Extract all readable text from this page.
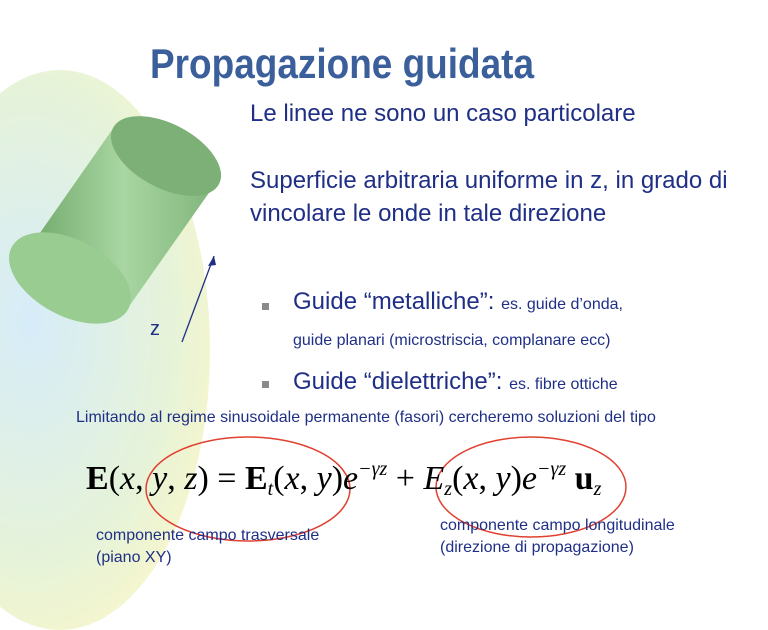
Propagazione guidata
Le linee ne sono un caso particolare
Superficie arbitraria uniforme in z, in grado di vincolare le onde in tale direzione
Guide “metalliche”: es. guide d’onda,
guide planari (microstriscia, complanare ecc)
Guide “dielettriche”: es. fibre ottiche
z
Limitando al regime sinusoidale permanente (fasori) cercheremo soluzioni del tipo
E(x, y, $z) = E_t(x$, $y)e^{-\gamma z} + E_z(x$, $y)e^{-\gamma z}$ $u_z$
componente campo trasversale
(piano XY)
componente campo longitudinale
(direzione di propagazione)
